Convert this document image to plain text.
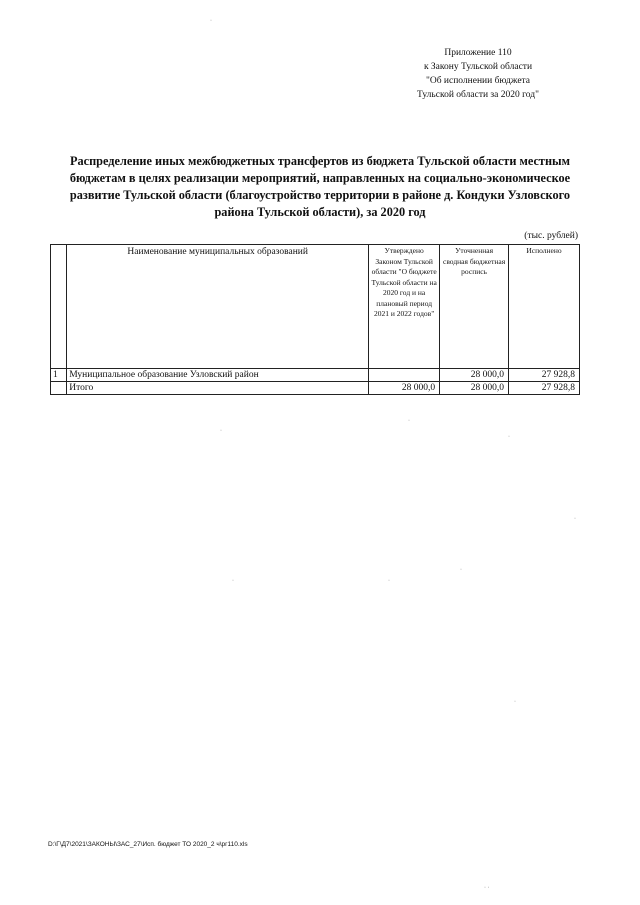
Приложение 110
к Закону Тульской области
"Об исполнении бюджета
Тульской области за 2020 год"
Распределение иных межбюджетных трансфертов из бюджета Тульской области местным
бюджетам в целях реализации мероприятий, направленных на социально-экономическое
развитие Тульской области (благоустройство территории в районе д. Кондуки Узловского
района Тульской области), за 2020 год
(тыс. рублей)
	Наименование муниципальных образований	Утверждено Законом Тульской области "О бюджете Тульской области на 2020 год и на плановый период 2021 и 2022 годов"	Уточненная сводная бюджетная роспись	Исполнено
1	Муниципальное образование Узловский район		28 000,0	27 928,8
	Итого	28 000,0	28 000,0	27 928,8
D:\Г\Д7\2021\ЗАКОНЫ\ЗАС_27\Исп. бюджет ТО 2020_2 ч\рг110.xls
·
·
·
·
·
·
·
·
·
· ·
